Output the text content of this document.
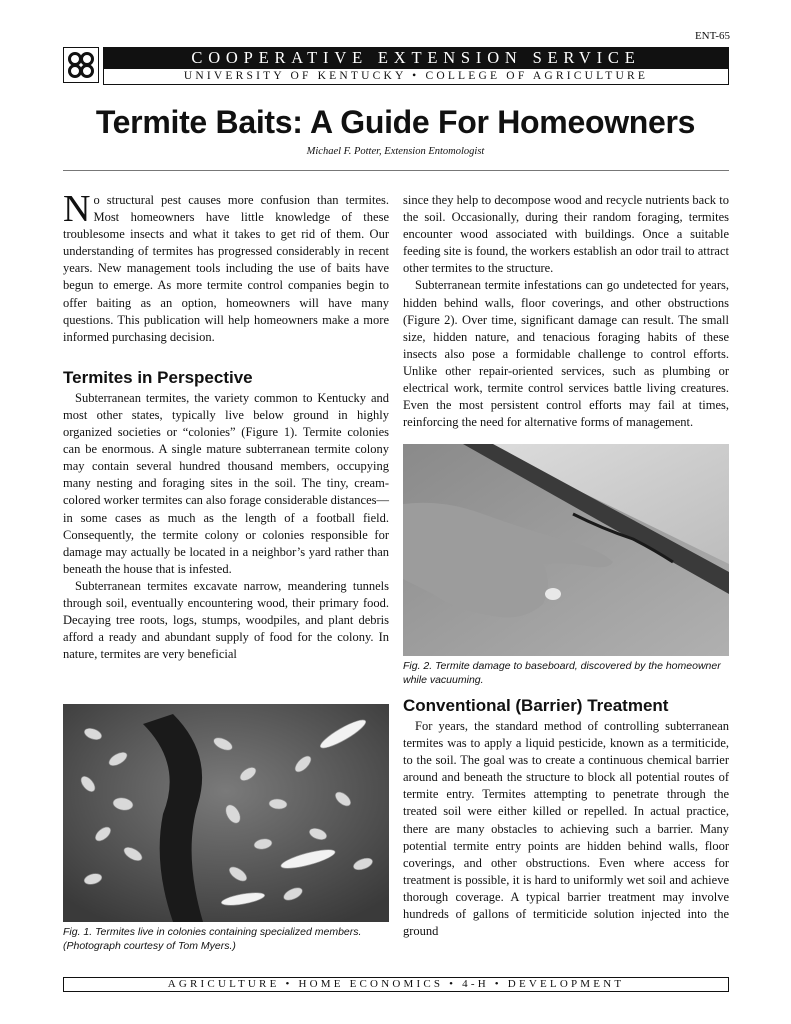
ENT-65
COOPERATIVE EXTENSION SERVICE
UNIVERSITY OF KENTUCKY • COLLEGE OF AGRICULTURE
Termite Baits: A Guide For Homeowners
Michael F. Potter, Extension Entomologist

No structural pest causes more confusion than termites. Most homeowners have little knowledge of these troublesome insects and what it takes to get rid of them. Our understanding of termites has progressed considerably in recent years. New management tools including the use of baits have begun to emerge. As more termite control companies begin to offer baiting as an option, homeowners will have many questions. This publication will help homeowners make a more informed purchasing decision.

Termites in Perspective

Subterranean termites, the variety common to Kentucky and most other states, typically live below ground in highly organized societies or “colonies” (Figure 1). Termite colonies can be enormous. A single mature subterranean termite colony may contain several hundred thousand members, occupying many nesting and foraging sites in the soil. The tiny, cream-colored worker termites can also forage considerable distances—in some cases as much as the length of a football field. Consequently, the termite colony or colonies responsible for damage may actually be located in a neighbor’s yard rather than beneath the house that is infested.

Subterranean termites excavate narrow, meandering tunnels through soil, eventually encountering wood, their primary food. Decaying tree roots, logs, stumps, woodpiles, and plant debris afford a ready and abundant supply of food for the colony. In nature, termites are very beneficial

Fig. 1. Termites live in colonies containing specialized members. (Photograph courtesy of Tom Myers.)

since they help to decompose wood and recycle nutrients back to the soil. Occasionally, during their random foraging, termites encounter wood associated with buildings. Once a suitable feeding site is found, the workers establish an odor trail to attract other termites to the structure.

Subterranean termite infestations can go undetected for years, hidden behind walls, floor coverings, and other obstructions (Figure 2). Over time, significant damage can result. The small size, hidden nature, and tenacious foraging habits of these insects also pose a formidable challenge to control efforts. Unlike other repair-oriented services, such as plumbing or electrical work, termite control services battle living creatures. Even the most persistent control efforts may fail at times, reinforcing the need for alternative forms of management.

Fig. 2. Termite damage to baseboard, discovered by the homeowner while vacuuming.

Conventional (Barrier) Treatment

For years, the standard method of controlling subterranean termites was to apply a liquid pesticide, known as a termiticide, to the soil. The goal was to create a continuous chemical barrier around and beneath the structure to block all potential routes of termite entry. Termites attempting to penetrate through the treated soil were either killed or repelled. In actual practice, there are many obstacles to achieving such a barrier. Many potential termite entry points are hidden behind walls, floor coverings, and other obstructions. Even where access for treatment is possible, it is hard to uniformly wet soil and achieve thorough coverage. A typical barrier treatment may involve hundreds of gallons of termiticide solution injected into the ground

AGRICULTURE • HOME ECONOMICS • 4-H • DEVELOPMENT
